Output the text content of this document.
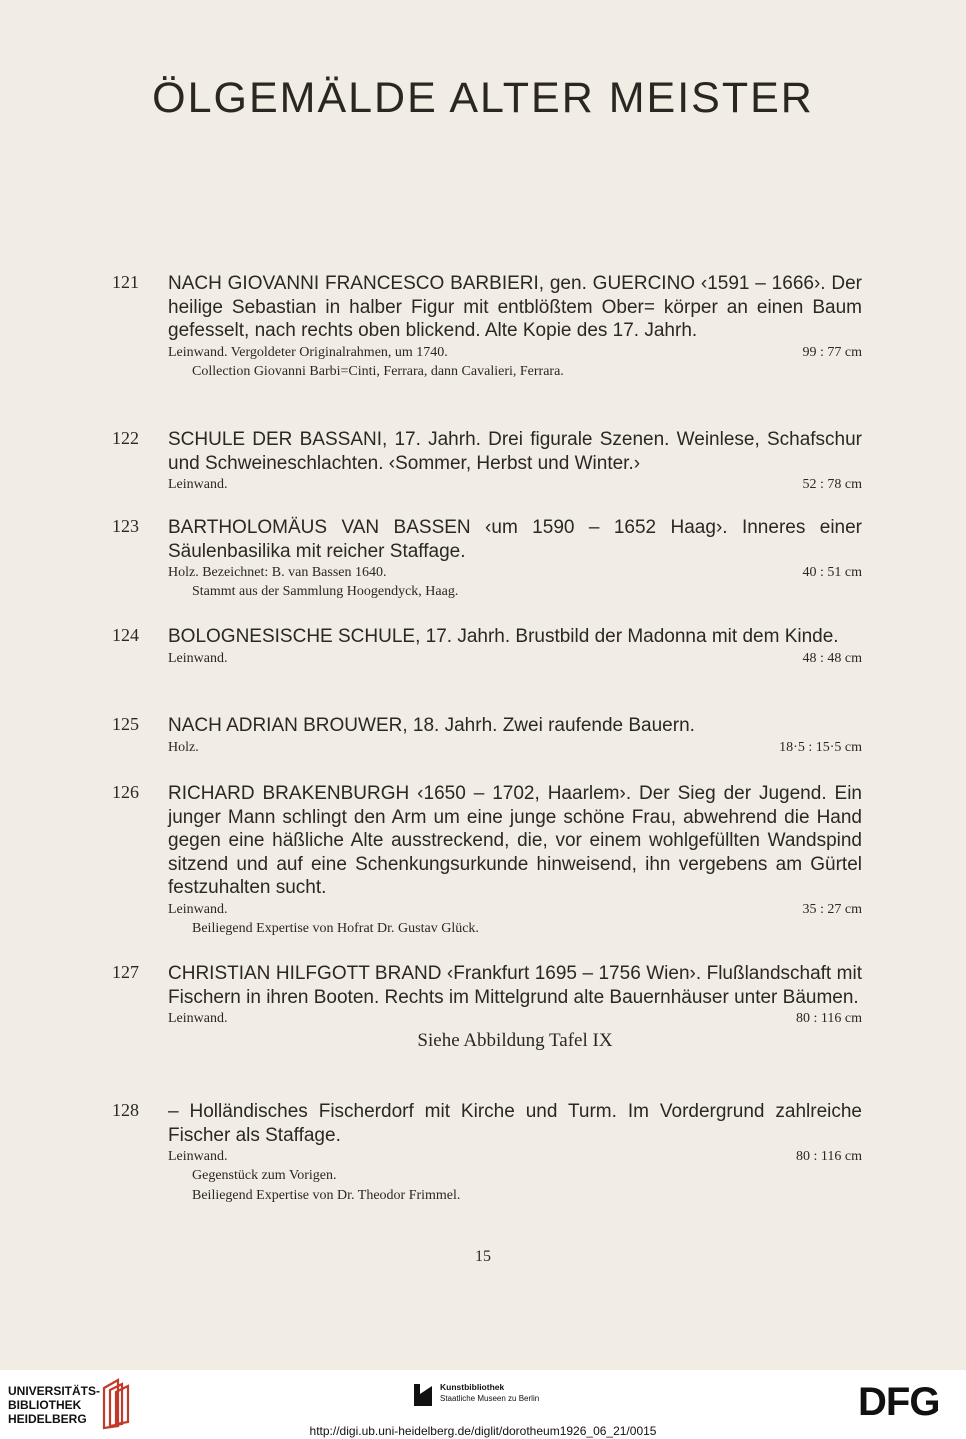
ÖLGEMÄLDE ALTER MEISTER
121 NACH GIOVANNI FRANCESCO BARBIERI, gen. GUERCINO ‹1591 – 1666›. Der heilige Sebastian in halber Figur mit entblößtem Ober= körper an einen Baum gefesselt, nach rechts oben blickend. Alte Kopie des 17. Jahrh.
Leinwand. Vergoldeter Originalrahmen, um 1740.	99 : 77 cm
Collection Giovanni Barbi=Cinti, Ferrara, dann Cavalieri, Ferrara.
122 SCHULE DER BASSANI, 17. Jahrh. Drei figurale Szenen. Weinlese, Schafschur und Schweineschlachten. ‹Sommer, Herbst und Winter.›
Leinwand.	52 : 78 cm
123 BARTHOLOMÄUS VAN BASSEN ‹um 1590 – 1652 Haag›. Inneres einer Säulenbasilika mit reicher Staffage.
Holz. Bezeichnet: B. van Bassen 1640.	40 : 51 cm
Stammt aus der Sammlung Hoogendyck, Haag.
124 BOLOGNESISCHE SCHULE, 17. Jahrh. Brustbild der Madonna mit dem Kinde.
Leinwand.	48 : 48 cm
125 NACH ADRIAN BROUWER, 18. Jahrh. Zwei raufende Bauern.
Holz.	18·5 : 15·5 cm
126 RICHARD BRAKENBURGH ‹1650 – 1702, Haarlem›. Der Sieg der Jugend. Ein junger Mann schlingt den Arm um eine junge schöne Frau, abwehrend die Hand gegen eine häßliche Alte ausstreckend, die, vor einem wohlgefüllten Wandspind sitzend und auf eine Schenkungsurkunde hinweisend, ihn vergebens am Gürtel festzuhalten sucht.
Leinwand.	35 : 27 cm
Beiliegend Expertise von Hofrat Dr. Gustav Glück.
127 CHRISTIAN HILFGOTT BRAND ‹Frankfurt 1695 – 1756 Wien›. Flußlandschaft mit Fischern in ihren Booten. Rechts im Mittelgrund alte Bauernhäuser unter Bäumen.
Leinwand.	80 : 116 cm
Siehe Abbildung Tafel IX
128 – Holländisches Fischerdorf mit Kirche und Turm. Im Vordergrund zahlreiche Fischer als Staffage.
Leinwand.	80 : 116 cm
Gegenstück zum Vorigen.
Beiliegend Expertise von Dr. Theodor Frimmel.
15
UNIVERSITÄTS-
BIBLIOTHEK
HEIDELBERG
Kunstbibliothek
Staatliche Museen zu Berlin	DFG
http://digi.ub.uni-heidelberg.de/diglit/dorotheum1926_06_21/0015
